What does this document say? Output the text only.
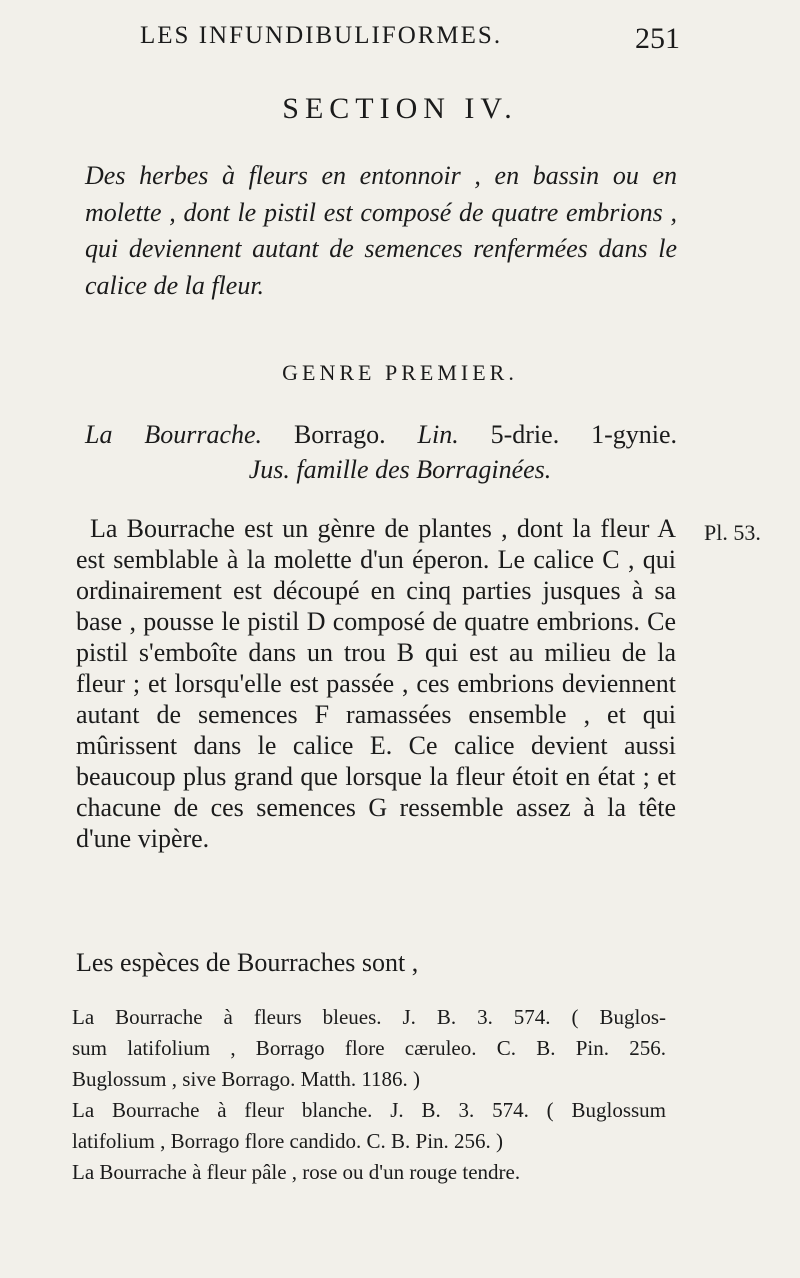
LES INFUNDIBULIFORMES.	251
SECTION IV.

Des herbes à fleurs en entonnoir , en bassin ou en molette , dont le pistil est composé de quatre embrions , qui deviennent autant de semences renfermées dans le calice de la fleur.

GENRE PREMIER.
La Bourrache. Borrago. Lin. 5-drie. 1-gynie.
Jus. famille des Borraginées.

La Bourrache est un gènre de plantes , dont la fleur A est semblable à la molette d'un éperon. Le calice C , qui ordinairement est découpé en cinq parties jusques à sa base , pousse le pistil D composé de quatre embrions. Ce pistil s'emboîte dans un trou B qui est au milieu de la fleur ; et lorsqu'elle est passée , ces embrions deviennent autant de semences F ramassées ensemble , et qui mûrissent dans le calice E. Ce calice devient aussi beaucoup plus grand que lorsque la fleur étoit en état ; et chacune de ces semences G ressemble assez à la tête d'une vipère.

Pl. 53.
Les espèces de Bourraches sont ,
La Bourrache à fleurs bleues. J. B. 3. 574. ( Buglos-
sum latifolium , Borrago flore cæruleo. C. B. Pin. 256.
Buglossum , sive Borrago. Matth. 1186. )
La Bourrache à fleur blanche. J. B. 3. 574. ( Buglossum
latifolium , Borrago flore candido. C. B. Pin. 256. )
La Bourrache à fleur pâle , rose ou d'un rouge tendre.
